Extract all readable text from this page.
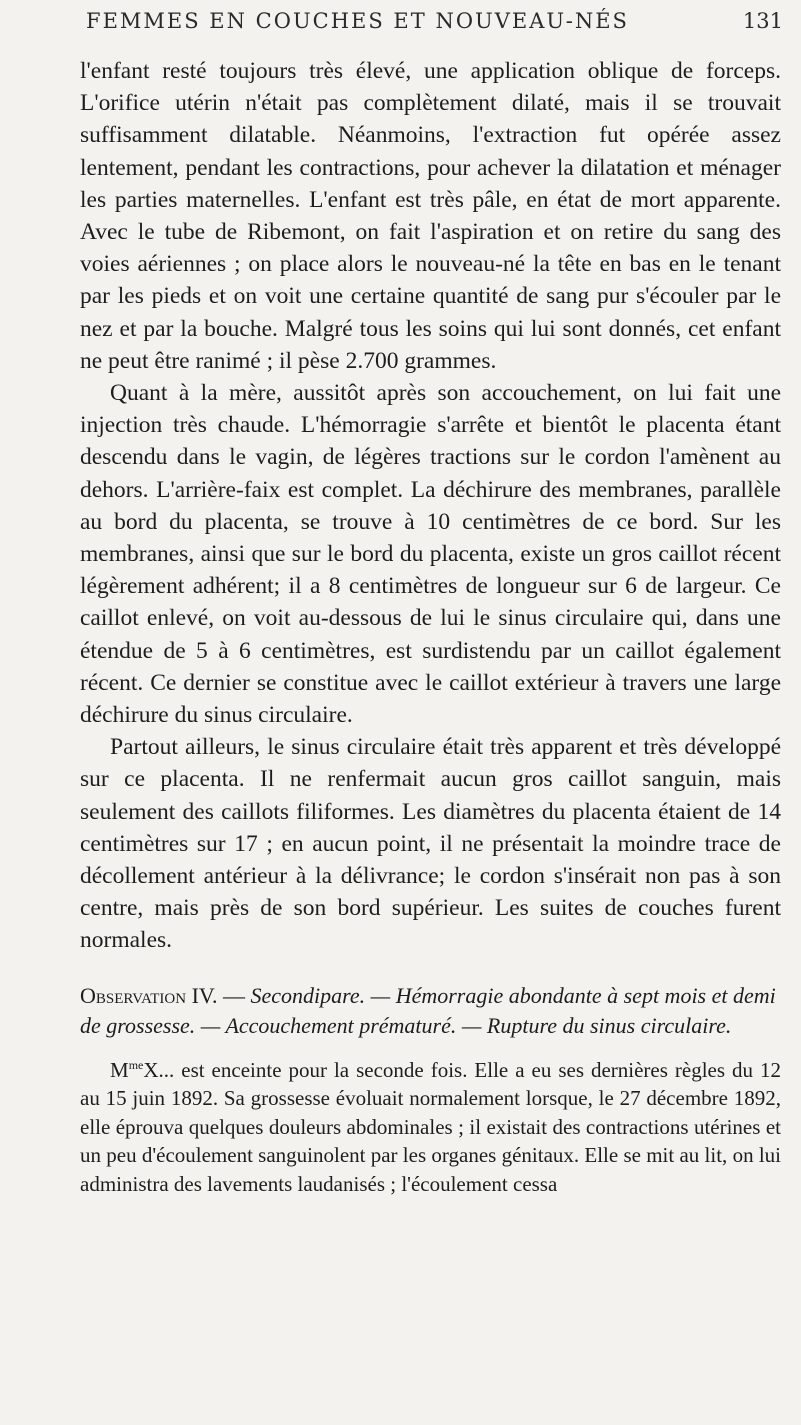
FEMMES EN COUCHES ET NOUVEAU-NÉS	131

l'enfant resté toujours très élevé, une application oblique de forceps. L'orifice utérin n'était pas complètement dilaté, mais il se trouvait suffisamment dilatable. Néanmoins, l'extraction fut opérée assez lentement, pendant les contractions, pour achever la dilatation et ménager les parties maternelles. L'enfant est très pâle, en état de mort apparente. Avec le tube de Ribemont, on fait l'aspiration et on retire du sang des voies aériennes ; on place alors le nouveau-né la tête en bas en le tenant par les pieds et on voit une certaine quantité de sang pur s'écouler par le nez et par la bouche. Malgré tous les soins qui lui sont donnés, cet enfant ne peut être ranimé ; il pèse 2.700 grammes.

Quant à la mère, aussitôt après son accouchement, on lui fait une injection très chaude. L'hémorragie s'arrête et bientôt le placenta étant descendu dans le vagin, de légères tractions sur le cordon l'amènent au dehors. L'arrière-faix est complet. La déchirure des membranes, parallèle au bord du placenta, se trouve à 10 centimètres de ce bord. Sur les membranes, ainsi que sur le bord du placenta, existe un gros caillot récent légèrement adhérent; il a 8 centimètres de longueur sur 6 de largeur. Ce caillot enlevé, on voit au-dessous de lui le sinus circulaire qui, dans une étendue de 5 à 6 centimètres, est surdistendu par un caillot également récent. Ce dernier se constitue avec le caillot extérieur à travers une large déchirure du sinus circulaire.

Partout ailleurs, le sinus circulaire était très apparent et très développé sur ce placenta. Il ne renfermait aucun gros caillot sanguin, mais seulement des caillots filiformes. Les diamètres du placenta étaient de 14 centimètres sur 17 ; en aucun point, il ne présentait la moindre trace de décollement antérieur à la délivrance; le cordon s'insérait non pas à son centre, mais près de son bord supérieur. Les suites de couches furent normales.

Observation IV. — Secondipare. — Hémorragie abondante à sept mois et demi de grossesse. — Accouchement prématuré. — Rupture du sinus circulaire.

$M^{me}X$... est enceinte pour la seconde fois. Elle a eu ses dernières règles du 12 au 15 juin 1892. Sa grossesse évoluait normalement lorsque, le 27 décembre 1892, elle éprouva quelques douleurs abdominales ; il existait des contractions utérines et un peu d'écoulement sanguinolent par les organes génitaux. Elle se mit au lit, on lui administra des lavements laudanisés ; l'écoulement cessa
